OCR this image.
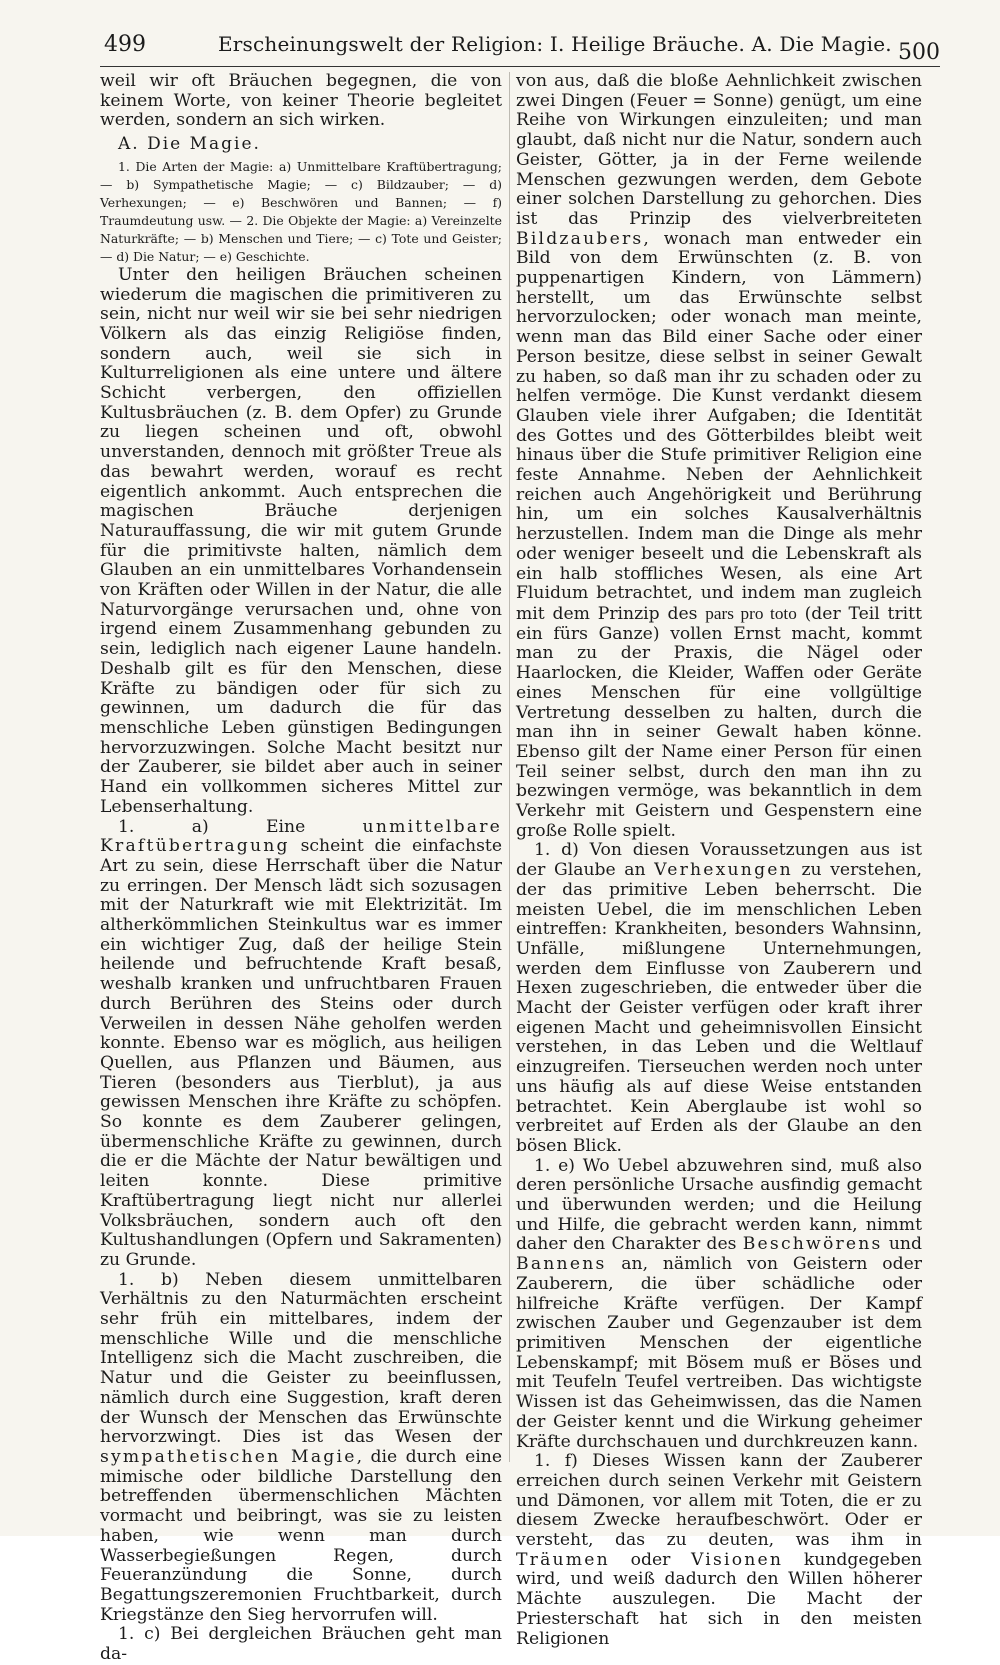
499	Erscheinungswelt der Religion: I. Heilige Bräuche. A. Die Magie. 500

weil wir oft Bräuchen begegnen, die von keinem Worte, von keiner Theorie begleitet werden, sondern an sich wirken.

A. Die Magie.

1. Die Arten der Magie: a) Unmittelbare Kraftübertragung; — b) Sympathetische Magie; — c) Bildzauber; — d) Verhexungen; — e) Beschwören und Bannen; — f) Traumdeutung usw. — 2. Die Objekte der Magie: a) Vereinzelte Naturkräfte; — b) Menschen und Tiere; — c) Tote und Geister; — d) Die Natur; — e) Geschichte.

Unter den heiligen Bräuchen scheinen wiederum die magischen die primitiveren zu sein, nicht nur weil wir sie bei sehr niedrigen Völkern als das einzig Religiöse finden, sondern auch, weil sie sich in Kulturreligionen als eine untere und ältere Schicht verbergen, den offiziellen Kultusbräuchen (z. B. dem Opfer) zu Grunde zu liegen scheinen und oft, obwohl unverstanden, dennoch mit größter Treue als das bewahrt werden, worauf es recht eigentlich ankommt. Auch entsprechen die magischen Bräuche derjenigen Naturauffassung, die wir mit gutem Grunde für die primitivste halten, nämlich dem Glauben an ein unmittelbares Vorhandensein von Kräften oder Willen in der Natur, die alle Naturvorgänge verursachen und, ohne von irgend einem Zusammenhang gebunden zu sein, lediglich nach eigener Laune handeln. Deshalb gilt es für den Menschen, diese Kräfte zu bändigen oder für sich zu gewinnen, um dadurch die für das menschliche Leben günstigen Bedingungen hervorzuzwingen. Solche Macht besitzt nur der Zauberer, sie bildet aber auch in seiner Hand ein vollkommen sicheres Mittel zur Lebenserhaltung.

1. a) Eine unmittelbare Kraftübertragung scheint die einfachste Art zu sein, diese Herrschaft über die Natur zu erringen. Der Mensch lädt sich sozusagen mit der Naturkraft wie mit Elektrizität. Im altherkömmlichen Steinkultus war es immer ein wichtiger Zug, daß der heilige Stein heilende und befruchtende Kraft besaß, weshalb kranken und unfruchtbaren Frauen durch Berühren des Steins oder durch Verweilen in dessen Nähe geholfen werden konnte. Ebenso war es möglich, aus heiligen Quellen, aus Pflanzen und Bäumen, aus Tieren (besonders aus Tierblut), ja aus gewissen Menschen ihre Kräfte zu schöpfen. So konnte es dem Zauberer gelingen, übermenschliche Kräfte zu gewinnen, durch die er die Mächte der Natur bewältigen und leiten konnte. Diese primitive Kraftübertragung liegt nicht nur allerlei Volksbräuchen, sondern auch oft den Kultushandlungen (Opfern und Sakramenten) zu Grunde.

1. b) Neben diesem unmittelbaren Verhältnis zu den Naturmächten erscheint sehr früh ein mittelbares, indem der menschliche Wille und die menschliche Intelligenz sich die Macht zuschreiben, die Natur und die Geister zu beeinflussen, nämlich durch eine Suggestion, kraft deren der Wunsch der Menschen das Erwünschte hervorzwingt. Dies ist das Wesen der sympathetischen Magie, die durch eine mimische oder bildliche Darstellung den betreffenden übermenschlichen Mächten vormacht und beibringt, was sie zu leisten haben, wie wenn man durch Wasserbegießungen Regen, durch Feueranzündung die Sonne, durch Begattungszeremonien Fruchtbarkeit, durch Kriegstänze den Sieg hervorrufen will.

1. c) Bei dergleichen Bräuchen geht man da-

von aus, daß die bloße Aehnlichkeit zwischen zwei Dingen (Feuer = Sonne) genügt, um eine Reihe von Wirkungen einzuleiten; und man glaubt, daß nicht nur die Natur, sondern auch Geister, Götter, ja in der Ferne weilende Menschen gezwungen werden, dem Gebote einer solchen Darstellung zu gehorchen. Dies ist das Prinzip des vielverbreiteten Bildzaubers, wonach man entweder ein Bild von dem Erwünschten (z. B. von puppenartigen Kindern, von Lämmern) herstellt, um das Erwünschte selbst hervorzulocken; oder wonach man meinte, wenn man das Bild einer Sache oder einer Person besitze, diese selbst in seiner Gewalt zu haben, so daß man ihr zu schaden oder zu helfen vermöge. Die Kunst verdankt diesem Glauben viele ihrer Aufgaben; die Identität des Gottes und des Götterbildes bleibt weit hinaus über die Stufe primitiver Religion eine feste Annahme. Neben der Aehnlichkeit reichen auch Angehörigkeit und Berührung hin, um ein solches Kausalverhältnis herzustellen. Indem man die Dinge als mehr oder weniger beseelt und die Lebenskraft als ein halb stoffliches Wesen, als eine Art Fluidum betrachtet, und indem man zugleich mit dem Prinzip des pars pro toto (der Teil tritt ein fürs Ganze) vollen Ernst macht, kommt man zu der Praxis, die Nägel oder Haarlocken, die Kleider, Waffen oder Geräte eines Menschen für eine vollgültige Vertretung desselben zu halten, durch die man ihn in seiner Gewalt haben könne. Ebenso gilt der Name einer Person für einen Teil seiner selbst, durch den man ihn zu bezwingen vermöge, was bekanntlich in dem Verkehr mit Geistern und Gespenstern eine große Rolle spielt.

1. d) Von diesen Voraussetzungen aus ist der Glaube an Verhexungen zu verstehen, der das primitive Leben beherrscht. Die meisten Uebel, die im menschlichen Leben eintreffen: Krankheiten, besonders Wahnsinn, Unfälle, mißlungene Unternehmungen, werden dem Einflusse von Zauberern und Hexen zugeschrieben, die entweder über die Macht der Geister verfügen oder kraft ihrer eigenen Macht und geheimnisvollen Einsicht verstehen, in das Leben und die Weltlauf einzugreifen. Tierseuchen werden noch unter uns häufig als auf diese Weise entstanden betrachtet. Kein Aberglaube ist wohl so verbreitet auf Erden als der Glaube an den bösen Blick.

1. e) Wo Uebel abzuwehren sind, muß also deren persönliche Ursache ausfindig gemacht und überwunden werden; und die Heilung und Hilfe, die gebracht werden kann, nimmt daher den Charakter des Beschwörens und Bannens an, nämlich von Geistern oder Zauberern, die über schädliche oder hilfreiche Kräfte verfügen. Der Kampf zwischen Zauber und Gegenzauber ist dem primitiven Menschen der eigentliche Lebenskampf; mit Bösem muß er Böses und mit Teufeln Teufel vertreiben. Das wichtigste Wissen ist das Geheimwissen, das die Namen der Geister kennt und die Wirkung geheimer Kräfte durchschauen und durchkreuzen kann.

1. f) Dieses Wissen kann der Zauberer erreichen durch seinen Verkehr mit Geistern und Dämonen, vor allem mit Toten, die er zu diesem Zwecke heraufbeschwört. Oder er versteht, das zu deuten, was ihm in Träumen oder Visionen kundgegeben wird, und weiß dadurch den Willen höherer Mächte auszulegen. Die Macht der Priesterschaft hat sich in den meisten Religionen
